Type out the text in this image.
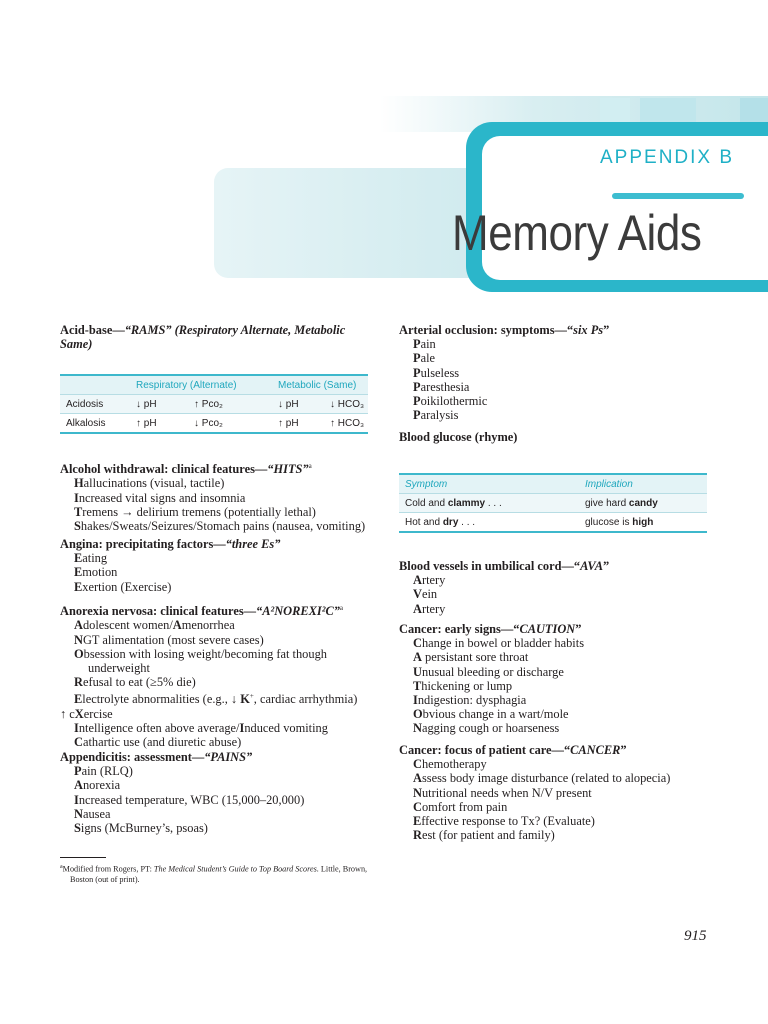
APPENDIX B
Memory Aids
Acid-base—“RAMS” (Respiratory Alternate, Metabolic
Same)
	Respiratory (Alternate)		Metabolic (Same)	
Acidosis	↓ pH	↑ Pco₂	↓ pH	↓ HCO₃
Alkalosis	↑ pH	↓ Pco₂	↑ pH	↑ HCO₃
Alcohol withdrawal: clinical features—“HITS”$^a$
Hallucinations (visual, tactile)
Increased vital signs and insomnia
Tremens → delirium tremens (potentially lethal)
Shakes/Sweats/Seizures/Stomach pains (nausea, vomiting)
Angina: precipitating factors—“three Es”
Eating
Emotion
Exertion (Exercise)
Anorexia nervosa: clinical features—“A²NOREXI²C”$^a$
Adolescent women/Amenorrhea
NGT alimentation (most severe cases)
Obsession with losing weight/becoming fat though
underweight
Refusal to eat (≥5% die)
Electrolyte abnormalities (e.g., ↓ K+, cardiac arrhythmia)
↑ cXercise
Intelligence often above average/Induced vomiting
Cathartic use (and diuretic abuse)
Appendicitis: assessment—“PAINS”
Pain (RLQ)
Anorexia
Increased temperature, WBC (15,000–20,000)
Nausea
Signs (McBurney’s, psoas)
$^a$Modified from Rogers, PT: The Medical Student’s Guide to Top Board Scores. Little, Brown,
Boston (out of print).
Arterial occlusion: symptoms—“six Ps”
Pain
Pale
Pulseless
Paresthesia
Poikilothermic
Paralysis
Blood glucose (rhyme)
Symptom	Implication
Cold and clammy . . .	give hard candy
Hot and dry . . .	glucose is high
Blood vessels in umbilical cord—“AVA”
Artery
Vein
Artery
Cancer: early signs—“CAUTION”
Change in bowel or bladder habits
A persistant sore throat
Unusual bleeding or discharge
Thickening or lump
Indigestion: dysphagia
Obvious change in a wart/mole
Nagging cough or hoarseness
Cancer: focus of patient care—“CANCER”
Chemotherapy
Assess body image disturbance (related to alopecia)
Nutritional needs when N/V present
Comfort from pain
Effective response to Tx? (Evaluate)
Rest (for patient and family)
915
